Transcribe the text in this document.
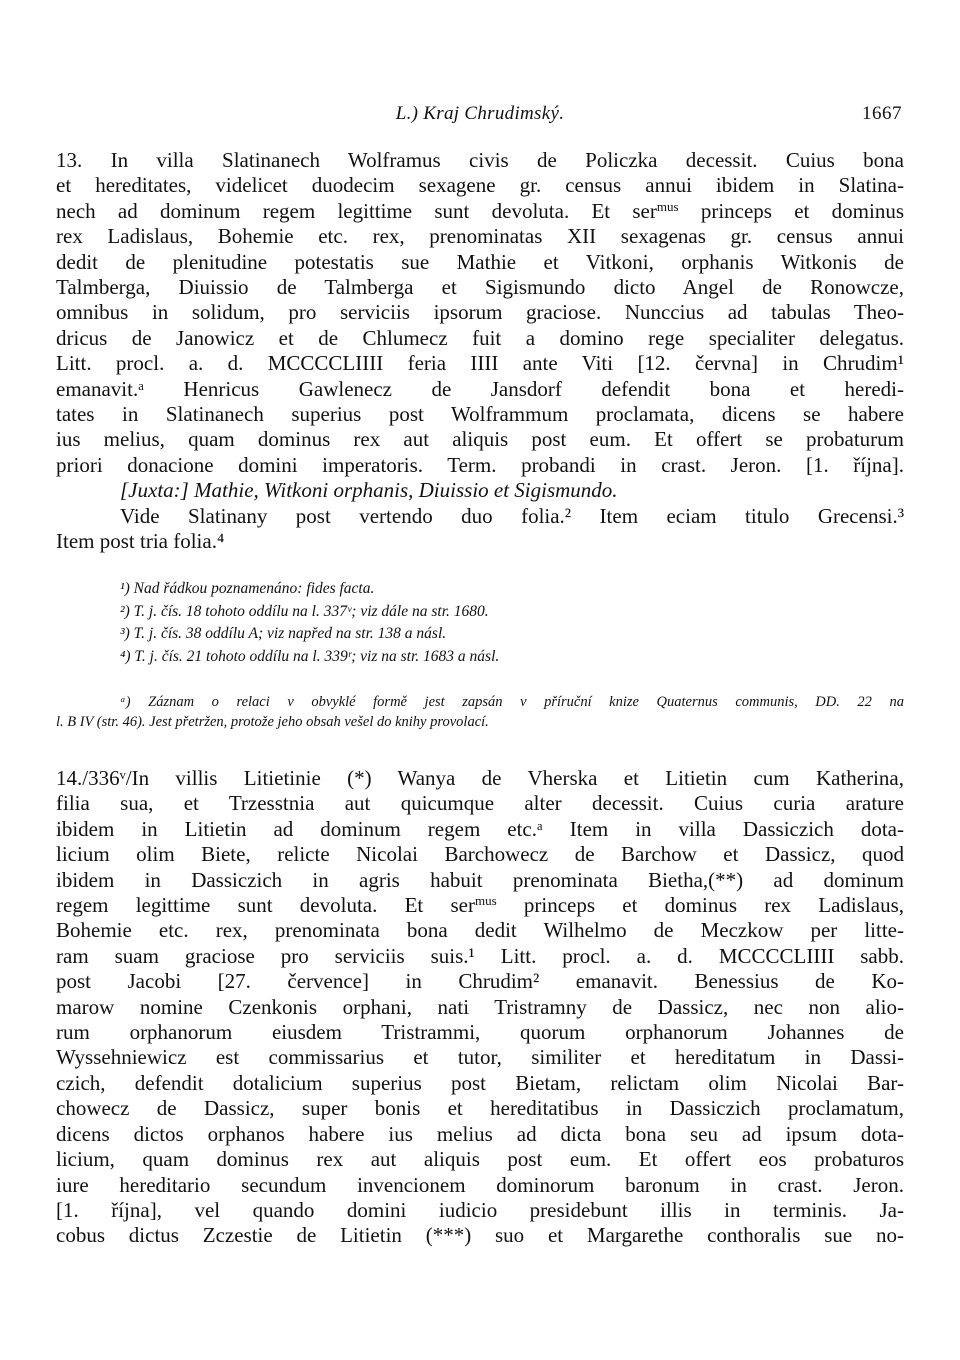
L.) Kraj Chrudimský.	1667
13. In villa Slatinanech Wolframus civis de Policzka decessit. Cuius bona
et hereditates, videlicet duodecim sexagene gr. census annui ibidem in Slatina-
nech ad dominum regem legittime sunt devoluta. Et ser$^{mus}$ princeps et dominus
rex Ladislaus, Bohemie etc. rex, prenominatas XII sexagenas gr. census annui
dedit de plenitudine potestatis sue Mathie et Vitkoni, orphanis Witkonis de
Talmberga, Diuissio de Talmberga et Sigismundo dicto Angel de Ronowcze,
omnibus in solidum, pro serviciis ipsorum graciose. Nunccius ad tabulas Theo-
dricus de Janowicz et de Chlumecz fuit a domino rege specialiter delegatus.
Litt. procl. a. d. MCCCCLIIII feria IIII ante Viti [12. června] in Chrudim¹
emanavit.ᵃ Henricus Gawlenecz de Jansdorf defendit bona et heredi-
tates in Slatinanech superius post Wolframmum proclamata, dicens se habere
ius melius, quam dominus rex aut aliquis post eum. Et offert se probaturum
priori donacione domini imperatoris. Term. probandi in crast. Jeron. [1. října].
[Juxta:] Mathie, Witkoni orphanis, Diuissio et Sigismundo.
Vide Slatinany post vertendo duo folia.² Item eciam titulo Grecensi.³
Item post tria folia.⁴
¹) Nad řádkou poznamenáno: fides facta.
²) T. j. čís. 18 tohoto oddílu na l. 337ᵛ; viz dále na str. 1680.
³) T. j. čís. 38 oddílu A; viz napřed na str. 138 a násl.
⁴) T. j. čís. 21 tohoto oddílu na l. 339ʳ; viz na str. 1683 a násl.
ᵃ) Záznam o relaci v obvyklé formě jest zapsán v příruční knize Quaternus communis, DD. 22 na
l. B IV (str. 46). Jest přetržen, protože jeho obsah vešel do knihy provolací.
14./336ᵛ/In villis Litietinie (*) Wanya de Vherska et Litietin cum Katherina,
filia sua, et Trzesstnia aut quicumque alter decessit. Cuius curia arature
ibidem in Litietin ad dominum regem etc.ᵃ Item in villa Dassiczich dota-
licium olim Biete, relicte Nicolai Barchowecz de Barchow et Dassicz, quod
ibidem in Dassiczich in agris habuit prenominata Bietha,(**) ad dominum
regem legittime sunt devoluta. Et ser$^{mus}$ princeps et dominus rex Ladislaus,
Bohemie etc. rex, prenominata bona dedit Wilhelmo de Meczkow per litte-
ram suam graciose pro serviciis suis.¹ Litt. procl. a. d. MCCCCLIIII sabb.
post Jacobi [27. července] in Chrudim² emanavit. Benessius de Ko-
marow nomine Czenkonis orphani, nati Tristramny de Dassicz, nec non alio-
rum orphanorum eiusdem Tristrammi, quorum orphanorum Johannes de
Wyssehniewicz est commissarius et tutor, similiter et hereditatum in Dassi-
czich, defendit dotalicium superius post Bietam, relictam olim Nicolai Bar-
chowecz de Dassicz, super bonis et hereditatibus in Dassiczich proclamatum,
dicens dictos orphanos habere ius melius ad dicta bona seu ad ipsum dota-
licium, quam dominus rex aut aliquis post eum. Et offert eos probaturos
iure hereditario secundum invencionem dominorum baronum in crast. Jeron.
[1. října], vel quando domini iudicio presidebunt illis in terminis. Ja-
cobus dictus Zczestie de Litietin (***) suo et Margarethe conthoralis sue no-
